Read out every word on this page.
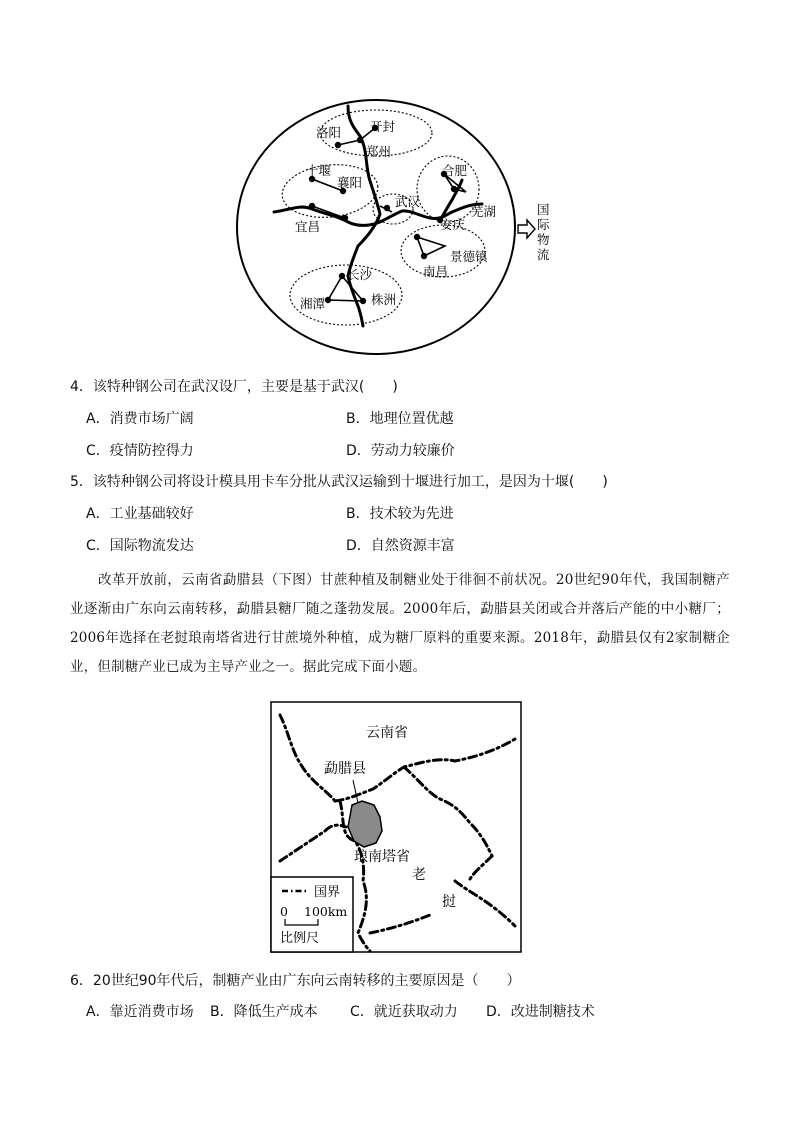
洛阳 开封
郑州
十堰
襄阳
武汉
宜昌
合肥
芜湖
安庆
景德镇
南昌
长沙
湘潭	株洲
国
际
物
流
4．该特种钢公司在武汉设厂，主要是基于武汉(　　)
A．消费市场广阔	B．地理位置优越
C．疫情防控得力	D．劳动力较廉价
5．该特种钢公司将设计模具用卡车分批从武汉运输到十堰进行加工，是因为十堰(　　)
A．工业基础较好	B．技术较为先进
C．国际物流发达	D．自然资源丰富
改革开放前，云南省勐腊县（下图）甘蔗种植及制糖业处于徘徊不前状况。20世纪90年代，我国制糖产业逐渐由广东向云南转移，勐腊县糖厂随之蓬勃发展。2000年后，勐腊县关闭或合并落后产能的中小糖厂；2006年选择在老挝琅南塔省进行甘蔗境外种植，成为糖厂原料的重要来源。2018年，勐腊县仅有2家制糖企业，但制糖产业已成为主导产业之一。据此完成下面小题。
云南省
勐腊县
琅南塔省
老
挝
国界
0 100km
比例尺
6．20世纪90年代后，制糖产业由广东向云南转移的主要原因是（　　）
A．靠近消费市场 B．降低生产成本 C．就近获取动力 D．改进制糖技术
